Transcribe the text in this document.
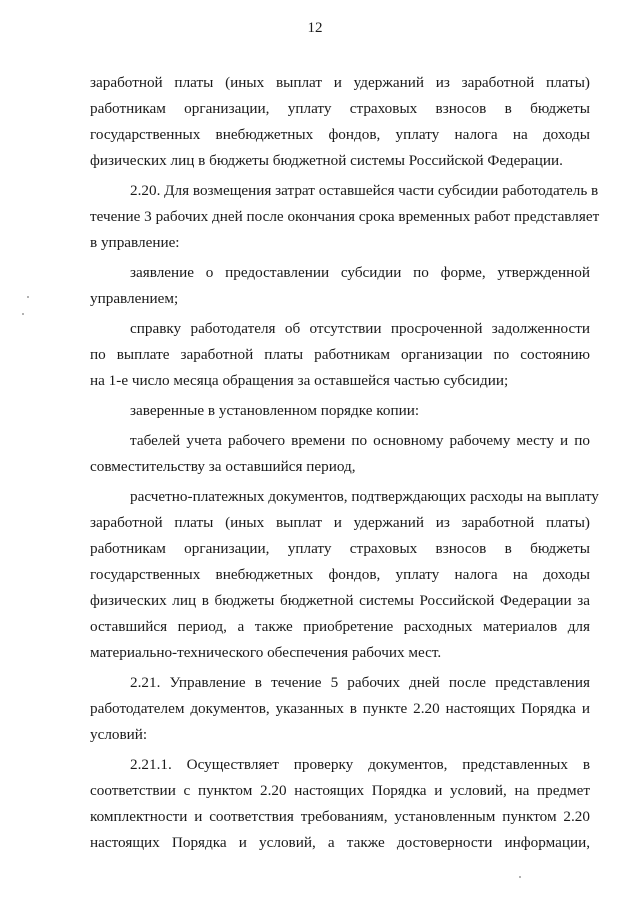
12
заработной платы (иных выплат и удержаний из заработной платы)
работникам организации, уплату страховых взносов в бюджеты
государственных внебюджетных фондов, уплату налога на доходы
физических лиц в бюджеты бюджетной системы Российской Федерации.
2.20. Для возмещения затрат оставшейся части субсидии работодатель в
течение 3 рабочих дней после окончания срока временных работ представляет
в управление:
заявление о предоставлении субсидии по форме, утвержденной
управлением;
справку работодателя об отсутствии просроченной задолженности
по выплате заработной платы работникам организации по состоянию
на 1-е число месяца обращения за оставшейся частью субсидии;
заверенные в установленном порядке копии:
табелей учета рабочего времени по основному рабочему месту и по
совместительству за оставшийся период,
расчетно-платежных документов, подтверждающих расходы на выплату
заработной платы (иных выплат и удержаний из заработной платы)
работникам организации, уплату страховых взносов в бюджеты
государственных внебюджетных фондов, уплату налога на доходы
физических лиц в бюджеты бюджетной системы Российской Федерации за
оставшийся период, а также приобретение расходных материалов для
материально-технического обеспечения рабочих мест.
2.21. Управление в течение 5 рабочих дней после представления
работодателем документов, указанных в пункте 2.20 настоящих Порядка и
условий:
2.21.1. Осуществляет проверку документов, представленных в
соответствии с пунктом 2.20 настоящих Порядка и условий, на предмет
комплектности и соответствия требованиям, установленным пунктом 2.20
настоящих Порядка и условий, а также достоверности информации,
